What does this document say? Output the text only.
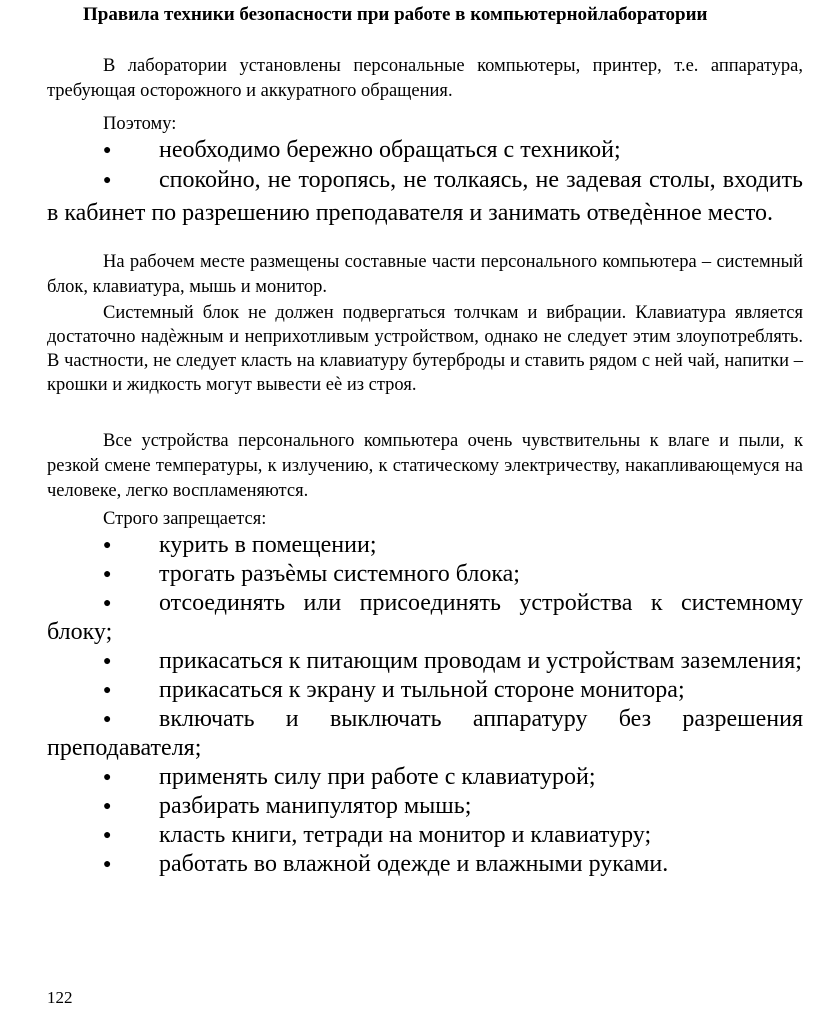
Правила техники безопасности при работе в компьютернойлаборатории

В лаборатории установлены персональные компьютеры, принтер, т.е. аппаратура, требующая осторожного и аккуратного обращения.

Поэтому:

● необходимо бережно обращаться с техникой;

● спокойно, не торопясь, не толкаясь, не задевая столы, входить в кабинет по разрешению преподавателя и занимать отведѐнное место.

На рабочем месте размещены составные части персонального компьютера – системный блок, клавиатура, мышь и монитор.

Системный блок не должен подвергаться толчкам и вибрации. Клавиатура является достаточно надѐжным и неприхотливым устройством, однако не следует этим злоупотреблять. В частности, не следует класть на клавиатуру бутерброды и ставить рядом с ней чай, напитки – крошки и жидкость могут вывести еѐ из строя.

Все устройства персонального компьютера очень чувствительны к влаге и пыли, к резкой смене температуры, к излучению, к статическому электричеству, накапливающемуся на человеке, легко воспламеняются.

Строго запрещается:

● курить в помещении;

● трогать разъѐмы системного блока;

● отсоединять или присоединять устройства к системному блоку;

● прикасаться к питающим проводам и устройствам заземления;

● прикасаться к экрану и тыльной стороне монитора;

● включать и выключать аппаратуру без разрешения преподавателя;

● применять силу при работе с клавиатурой;

● разбирать манипулятор мышь;

● класть книги, тетради на монитор и клавиатуру;

● работать во влажной одежде и влажными руками.

122
